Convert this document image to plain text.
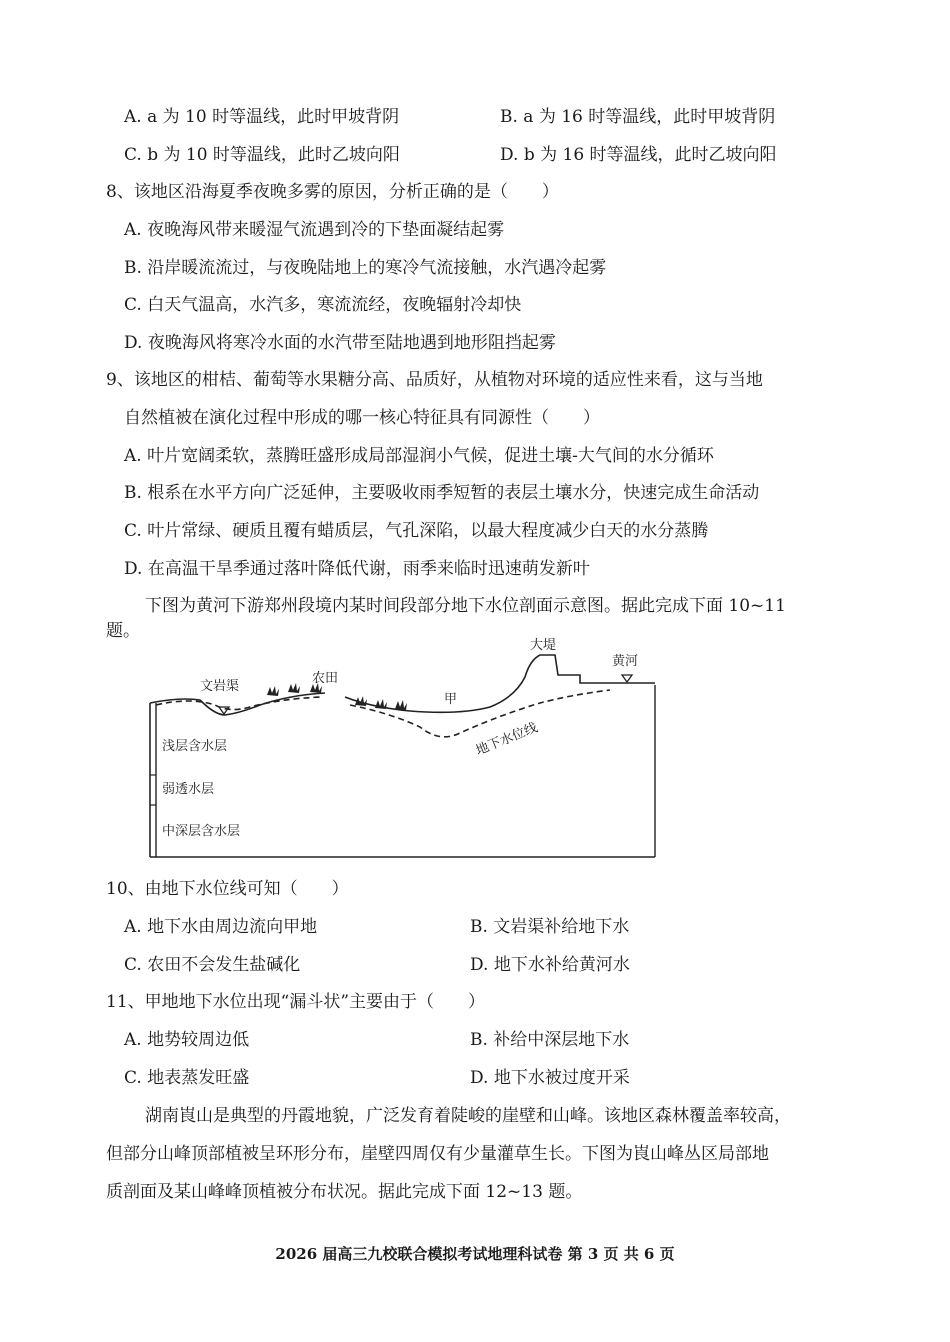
A. a 为 10 时等温线，此时甲坡背阴	B. a 为 16 时等温线，此时甲坡背阴
C. b 为 10 时等温线，此时乙坡向阳	D. b 为 16 时等温线，此时乙坡向阳
8、该地区沿海夏季夜晚多雾的原因，分析正确的是（　　）
A. 夜晚海风带来暖湿气流遇到冷的下垫面凝结起雾
B. 沿岸暖流流过，与夜晚陆地上的寒冷气流接触，水汽遇冷起雾
C. 白天气温高，水汽多，寒流流经，夜晚辐射冷却快
D. 夜晚海风将寒冷水面的水汽带至陆地遇到地形阻挡起雾
9、该地区的柑桔、葡萄等水果糖分高、品质好，从植物对环境的适应性来看，这与当地
自然植被在演化过程中形成的哪一核心特征具有同源性（　　）
A. 叶片宽阔柔软，蒸腾旺盛形成局部湿润小气候，促进土壤-大气间的水分循环
B. 根系在水平方向广泛延伸，主要吸收雨季短暂的表层土壤水分，快速完成生命活动
C. 叶片常绿、硬质且覆有蜡质层，气孔深陷，以最大程度减少白天的水分蒸腾
D. 在高温干旱季通过落叶降低代谢，雨季来临时迅速萌发新叶
下图为黄河下游郑州段境内某时间段部分地下水位剖面示意图。据此完成下面 10~11
题。
文岩渠
农田
甲
大堤
黄河
地下水位线
浅层含水层
弱透水层
中深层含水层
10、由地下水位线可知（　　）
A. 地下水由周边流向甲地	B. 文岩渠补给地下水
C. 农田不会发生盐碱化	D. 地下水补给黄河水
11、甲地地下水位出现“漏斗状”主要由于（　　）
A. 地势较周边低	B. 补给中深层地下水
C. 地表蒸发旺盛	D. 地下水被过度开采
湖南崀山是典型的丹霞地貌，广泛发育着陡峻的崖壁和山峰。该地区森林覆盖率较高，
但部分山峰顶部植被呈环形分布，崖壁四周仅有少量灌草生长。下图为崀山峰丛区局部地
质剖面及某山峰峰顶植被分布状况。据此完成下面 12~13 题。
2026 届高三九校联合模拟考试地理科试卷 第 3 页 共 6 页
